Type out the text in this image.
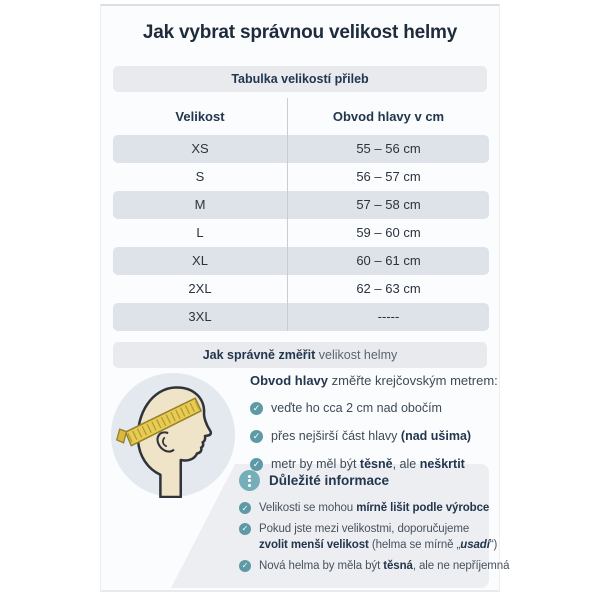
Jak vybrat správnou velikost helmy
Tabulka velikostí přileb
Velikost	Obvod hlavy v cm
XS	55 – 56 cm
S	56 – 57 cm
M	57 – 58 cm
L	59 – 60 cm
XL	60 – 61 cm
2XL	62 – 63 cm
3XL	-----
Jak správně změřit velikost helmy
Obvod hlavy změřte krejčovským metrem:
✓ veďte ho cca 2 cm nad obočím
✓ přes nejširší část hlavy (nad ušima)
✓ metr by měl být těsně, ale neškrtit
Důležité informace
✓ Velikosti se mohou mírně lišit podle výrobce
✓ Pokud jste mezi velikostmi, doporučujeme
zvolit menší velikost (helma se mírně „usadí“)
✓ Nová helma by měla být těsná, ale ne nepříjemná
